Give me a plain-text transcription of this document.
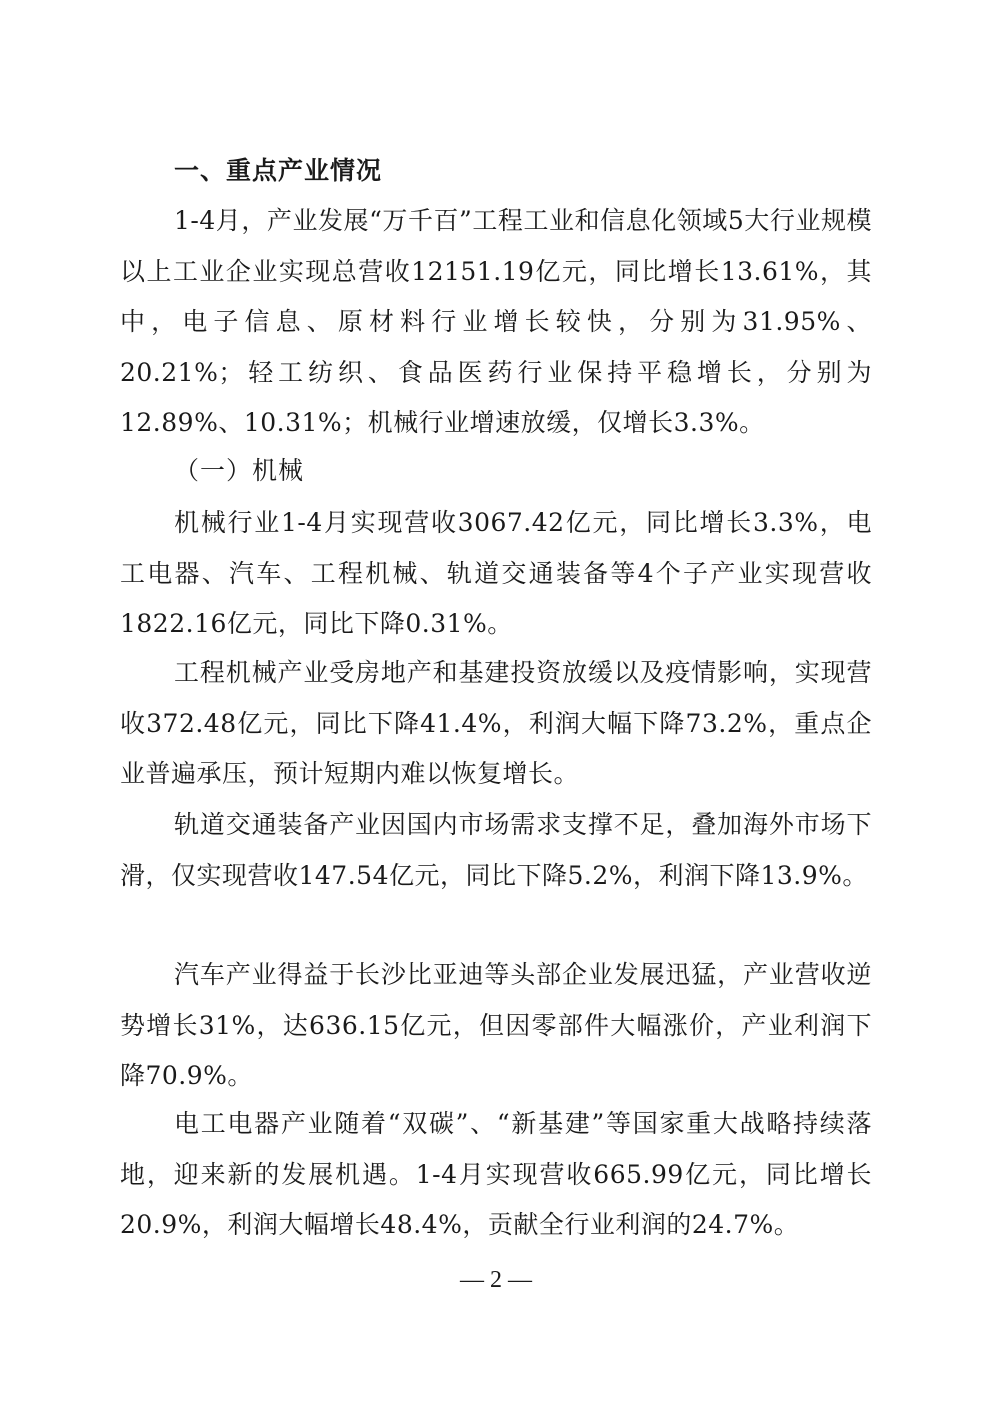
一、重点产业情况

1-4月，产业发展“万千百”工程工业和信息化领域5大行业规模以上工业企业实现总营收12151.19亿元，同比增长13.61%，其中，电子信息、原材料行业增长较快，分别为31.95%、20.21%；轻工纺织、食品医药行业保持平稳增长，分别为12.89%、10.31%；机械行业增速放缓，仅增长3.3%。

（一）机械

机械行业1-4月实现营收3067.42亿元，同比增长3.3%，电工电器、汽车、工程机械、轨道交通装备等4个子产业实现营收1822.16亿元，同比下降0.31%。

工程机械产业受房地产和基建投资放缓以及疫情影响，实现营收372.48亿元，同比下降41.4%，利润大幅下降73.2%，重点企业普遍承压，预计短期内难以恢复增长。

轨道交通装备产业因国内市场需求支撑不足，叠加海外市场下滑，仅实现营收147.54亿元，同比下降5.2%，利润下降13.9%。

汽车产业得益于长沙比亚迪等头部企业发展迅猛，产业营收逆势增长31%，达636.15亿元，但因零部件大幅涨价，产业利润下降70.9%。

电工电器产业随着“双碳”、“新基建”等国家重大战略持续落地，迎来新的发展机遇。1-4月实现营收665.99亿元，同比增长20.9%，利润大幅增长48.4%，贡献全行业利润的24.7%。

— 2 —
